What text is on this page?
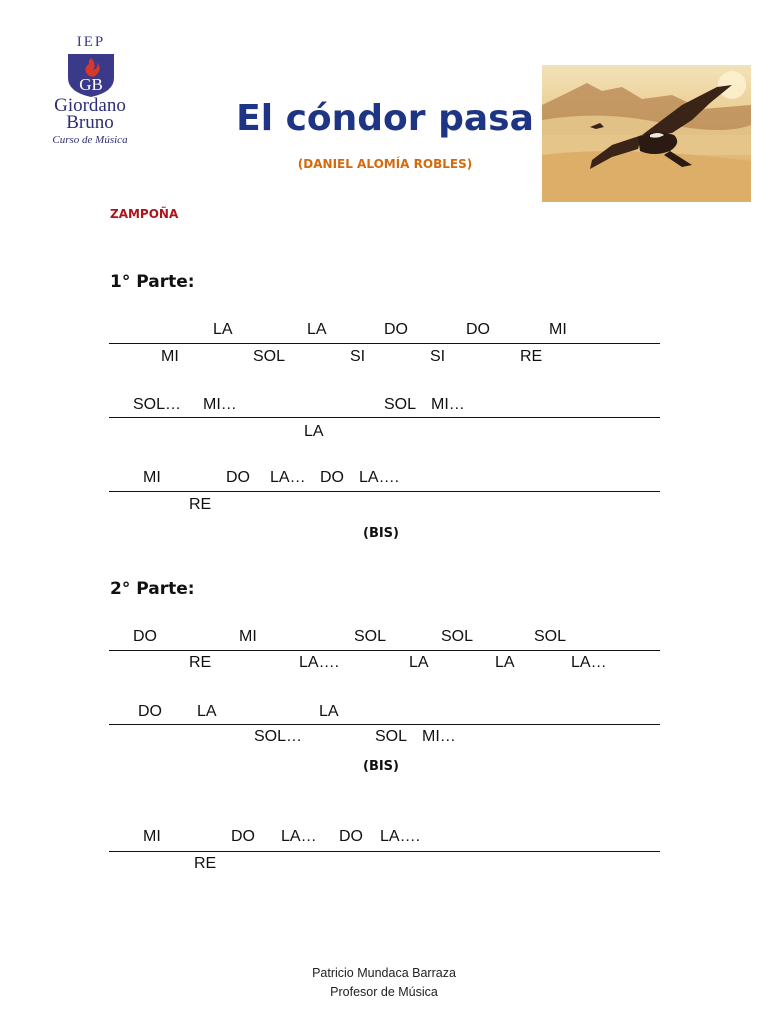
IEP
GB
Giordano
Bruno
Curso de Música
El cóndor pasa
(DANIEL ALOMÍA ROBLES)
ZAMPOÑA
1° Parte:
LA	LA	DO	DO	MI
MI	SOL	SI	SI	RE
SOL… MI…	SOL MI…
LA
MI	DO LA… DO LA….
RE
(BIS)
2° Parte:
DO	MI	SOL	SOL	SOL
RE	LA….	LA	LA	LA…
DO LA	LA
SOL…	SOL MI…
(BIS)
MI	DO LA… DO LA….
RE
Patricio Mundaca Barraza
Profesor de Música
